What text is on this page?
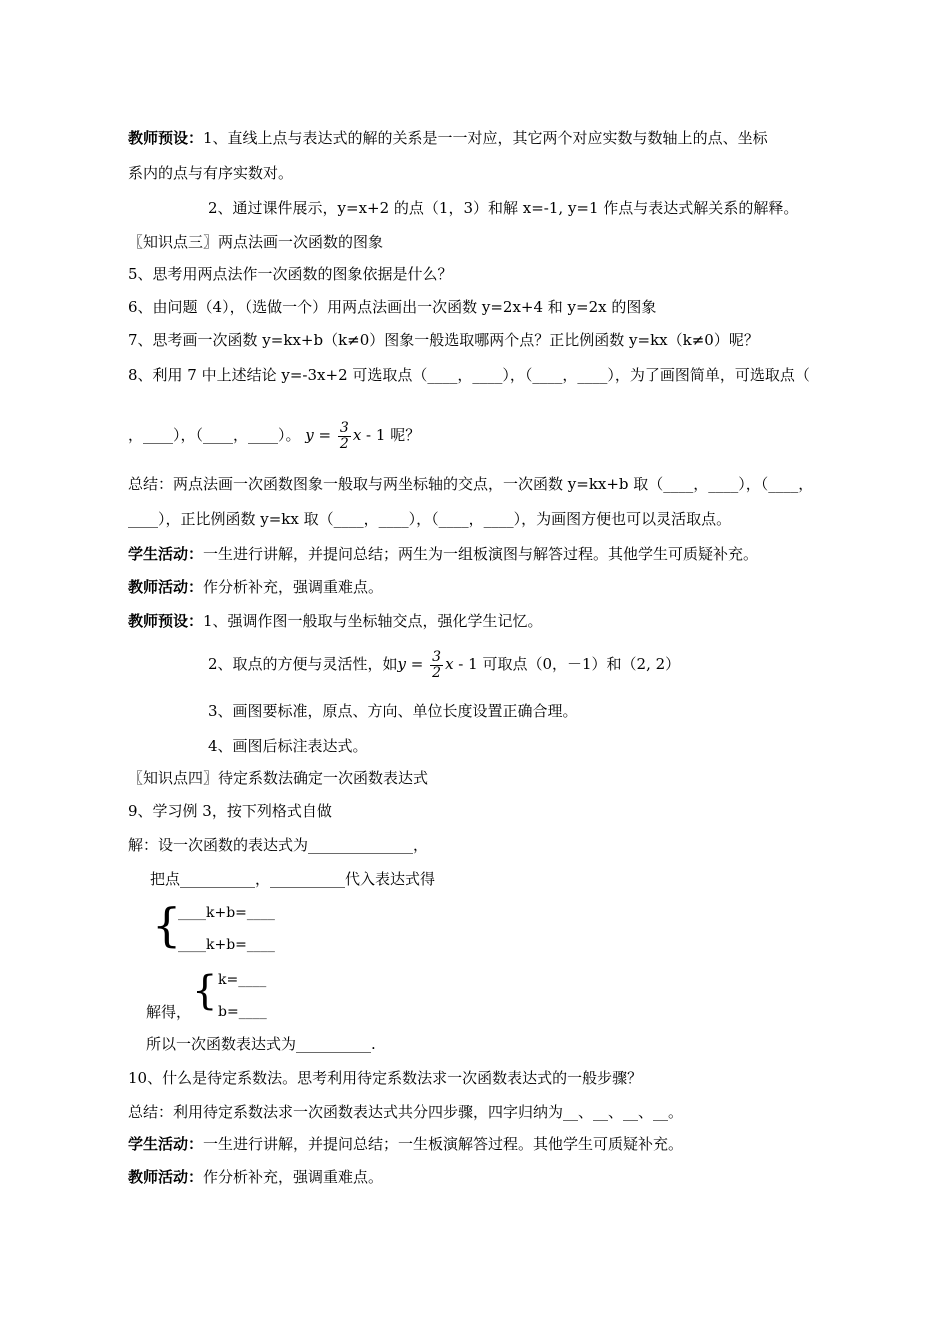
教师预设：1、直线上点与表达式的解的关系是一一对应，其它两个对应实数与数轴上的点、坐标
系内的点与有序实数对。
2、通过课件展示，y=x+2 的点（1，3）和解 x=-1, y=1 作点与表达式解关系的解释。
〖知识点三〗两点法画一次函数的图象
5、思考用两点法作一次函数的图象依据是什么？
6、由问题（4），（选做一个）用两点法画出一次函数 y=2x+4 和 y=2x 的图象
7、思考画一次函数 y=kx+b（k≠0）图象一般选取哪两个点？正比例函数 y=kx（k≠0）呢？
8、利用 7 中上述结论 y=-3x+2 可选取点（____，____），（____，____），为了画图简单，可选取点（
，____），（____，____）。 $y = \frac{3}{2}$ x - 1 呢？
总结：两点法画一次函数图象一般取与两坐标轴的交点，一次函数 y=kx+b 取（____，____），（____，
____），正比例函数 y=kx 取（____，____），（____，____），为画图方便也可以灵活取点。
学生活动：一生进行讲解，并提问总结；两生为一组板演图与解答过程。其他学生可质疑补充。
教师活动：作分析补充，强调重难点。
教师预设：1、强调作图一般取与坐标轴交点，强化学生记忆。
2、取点的方便与灵活性，如$y = \frac{3}{2}$ x - 1 可取点（0，－1）和（2, 2）
3、画图要标准，原点、方向、单位长度设置正确合理。
4、画图后标注表达式。
〖知识点四〗待定系数法确定一次函数表达式
9、学习例 3，按下列格式自做
解：设一次函数的表达式为______________，
把点__________，__________代入表达式得
{
____k+b=____
____k+b=____
{ k=____
解得， b=____
所以一次函数表达式为__________.
10、什么是待定系数法。思考利用待定系数法求一次函数表达式的一般步骤？
总结：利用待定系数法求一次函数表达式共分四步骤，四字归纳为__、__、__、__。
学生活动：一生进行讲解，并提问总结；一生板演解答过程。其他学生可质疑补充。
教师活动：作分析补充，强调重难点。
